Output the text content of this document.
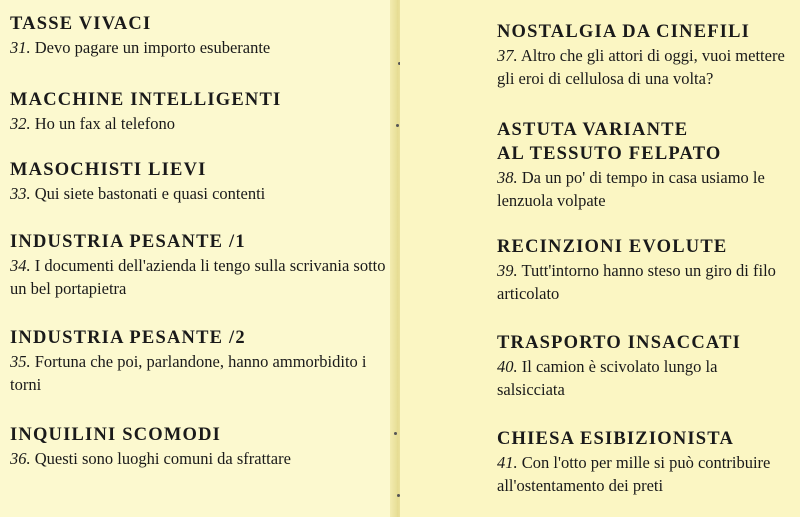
TASSE VIVACI

31. Devo pagare un importo esuberante

MACCHINE INTELLIGENTI

32. Ho un fax al telefono

MASOCHISTI LIEVI

33. Qui siete bastonati e quasi contenti

INDUSTRIA PESANTE /1

34. I documenti dell'azienda li tengo sulla scrivania sotto un bel portapietra

INDUSTRIA PESANTE /2

35. Fortuna che poi, parlandone, hanno ammorbidito i torni

INQUILINI SCOMODI

36. Questi sono luoghi comuni da sfrattare

NOSTALGIA DA CINEFILI

37. Altro che gli attori di oggi, vuoi mettere gli eroi di cellulosa di una volta?

ASTUTA VARIANTE
AL TESSUTO FELPATO

38. Da un po' di tempo in casa usiamo le lenzuola volpate

RECINZIONI EVOLUTE

39. Tutt'intorno hanno steso un giro di filo articolato

TRASPORTO INSACCATI

40. Il camion è scivolato lungo la salsicciata

CHIESA ESIBIZIONISTA

41. Con l'otto per mille si può contribuire all'ostentamento dei preti
